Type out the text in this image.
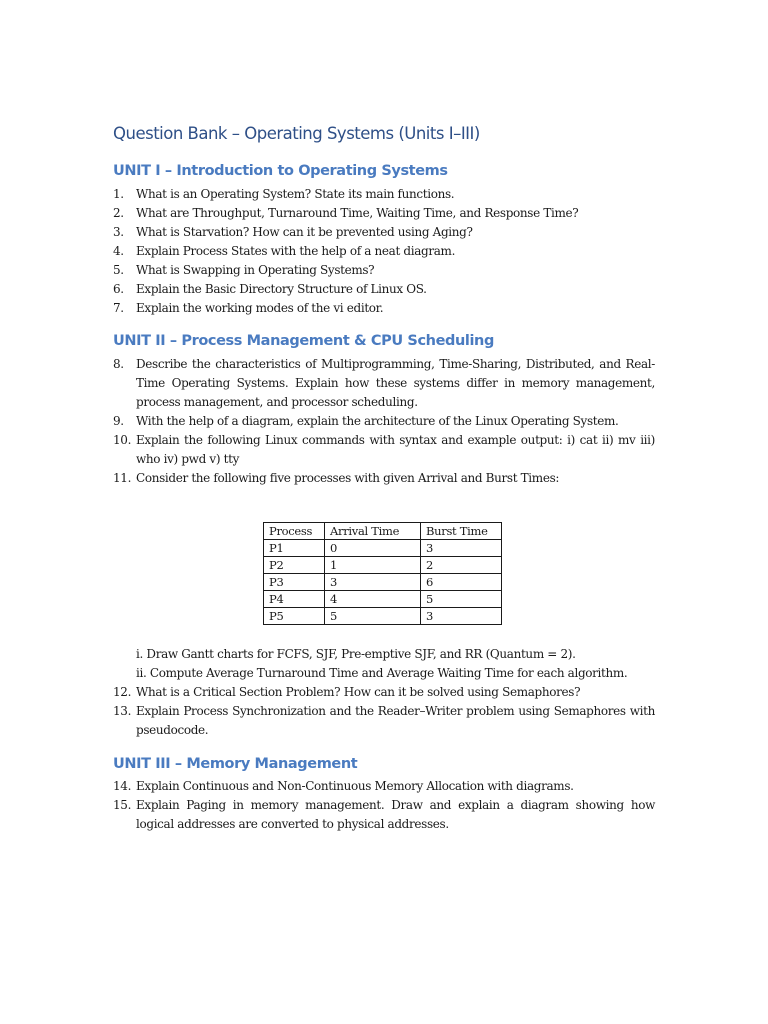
Question Bank – Operating Systems (Units I–III)
UNIT I – Introduction to Operating Systems
1. What is an Operating System? State its main functions.
2. What are Throughput, Turnaround Time, Waiting Time, and Response Time?
3. What is Starvation? How can it be prevented using Aging?
4. Explain Process States with the help of a neat diagram.
5. What is Swapping in Operating Systems?
6. Explain the Basic Directory Structure of Linux OS.
7. Explain the working modes of the vi editor.
UNIT II – Process Management & CPU Scheduling
8. Describe the characteristics of Multiprogramming, Time-Sharing, Distributed, and Real-Time Operating Systems. Explain how these systems differ in memory management, process management, and processor scheduling.
9. With the help of a diagram, explain the architecture of the Linux Operating System.
10. Explain the following Linux commands with syntax and example output: i) cat ii) mv iii) who iv) pwd v) tty
11. Consider the following five processes with given Arrival and Burst Times:
Process	Arrival Time	Burst Time
P1	0	3
P2	1	2
P3	3	6
P4	4	5
P5	5	3
i. Draw Gantt charts for FCFS, SJF, Pre-emptive SJF, and RR (Quantum = 2).
ii. Compute Average Turnaround Time and Average Waiting Time for each algorithm.
12. What is a Critical Section Problem? How can it be solved using Semaphores?
13. Explain Process Synchronization and the Reader–Writer problem using Semaphores with pseudocode.
UNIT III – Memory Management
14. Explain Continuous and Non-Continuous Memory Allocation with diagrams.
15. Explain Paging in memory management. Draw and explain a diagram showing how logical addresses are converted to physical addresses.
